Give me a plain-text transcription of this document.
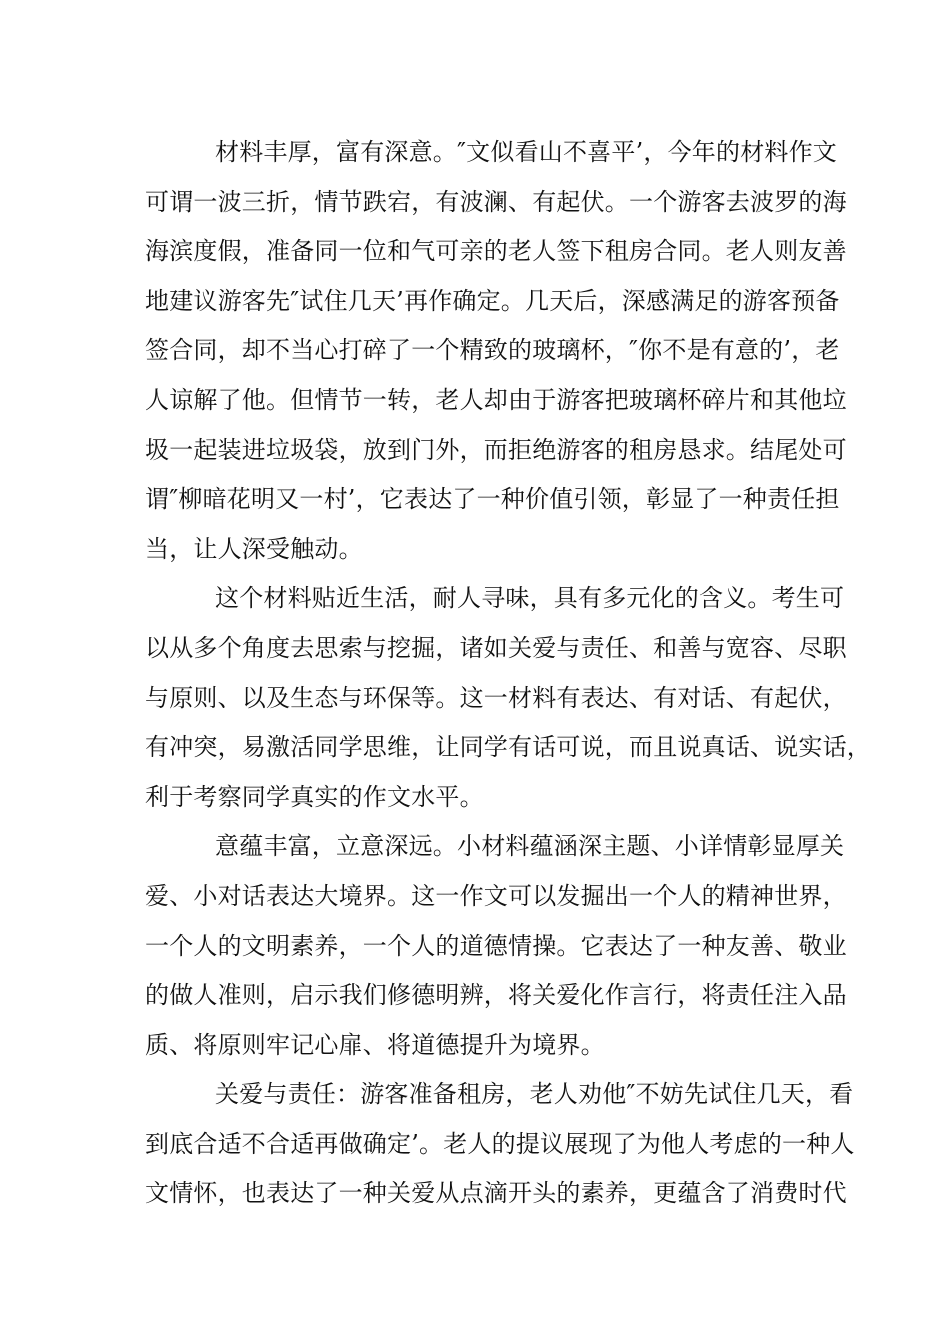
材料丰厚，富有深意。″文似看山不喜平’，今年的材料作文
可谓一波三折，情节跌宕，有波澜、有起伏。一个游客去波罗的海
海滨度假，准备同一位和气可亲的老人签下租房合同。老人则友善
地建议游客先″试住几天’再作确定。几天后，深感满足的游客预备
签合同，却不当心打碎了一个精致的玻璃杯，″你不是有意的’，老
人谅解了他。但情节一转，老人却由于游客把玻璃杯碎片和其他垃
圾一起装进垃圾袋，放到门外，而拒绝游客的租房恳求。结尾处可
谓″柳暗花明又一村’，它表达了一种价值引领，彰显了一种责任担
当，让人深受触动。
这个材料贴近生活，耐人寻味，具有多元化的含义。考生可
以从多个角度去思索与挖掘，诸如关爱与责任、和善与宽容、尽职
与原则、以及生态与环保等。这一材料有表达、有对话、有起伏，
有冲突，易激活同学思维，让同学有话可说，而且说真话、说实话，
利于考察同学真实的作文水平。
意蕴丰富，立意深远。小材料蕴涵深主题、小详情彰显厚关
爱、小对话表达大境界。这一作文可以发掘出一个人的精神世界，
一个人的文明素养，一个人的道德情操。它表达了一种友善、敬业
的做人准则，启示我们修德明辨，将关爱化作言行，将责任注入品
质、将原则牢记心扉、将道德提升为境界。
关爱与责任：游客准备租房，老人劝他″不妨先试住几天，看
到底合适不合适再做确定’。老人的提议展现了为他人考虑的一种人
文情怀，也表达了一种关爱从点滴开头的素养，更蕴含了消费时代
